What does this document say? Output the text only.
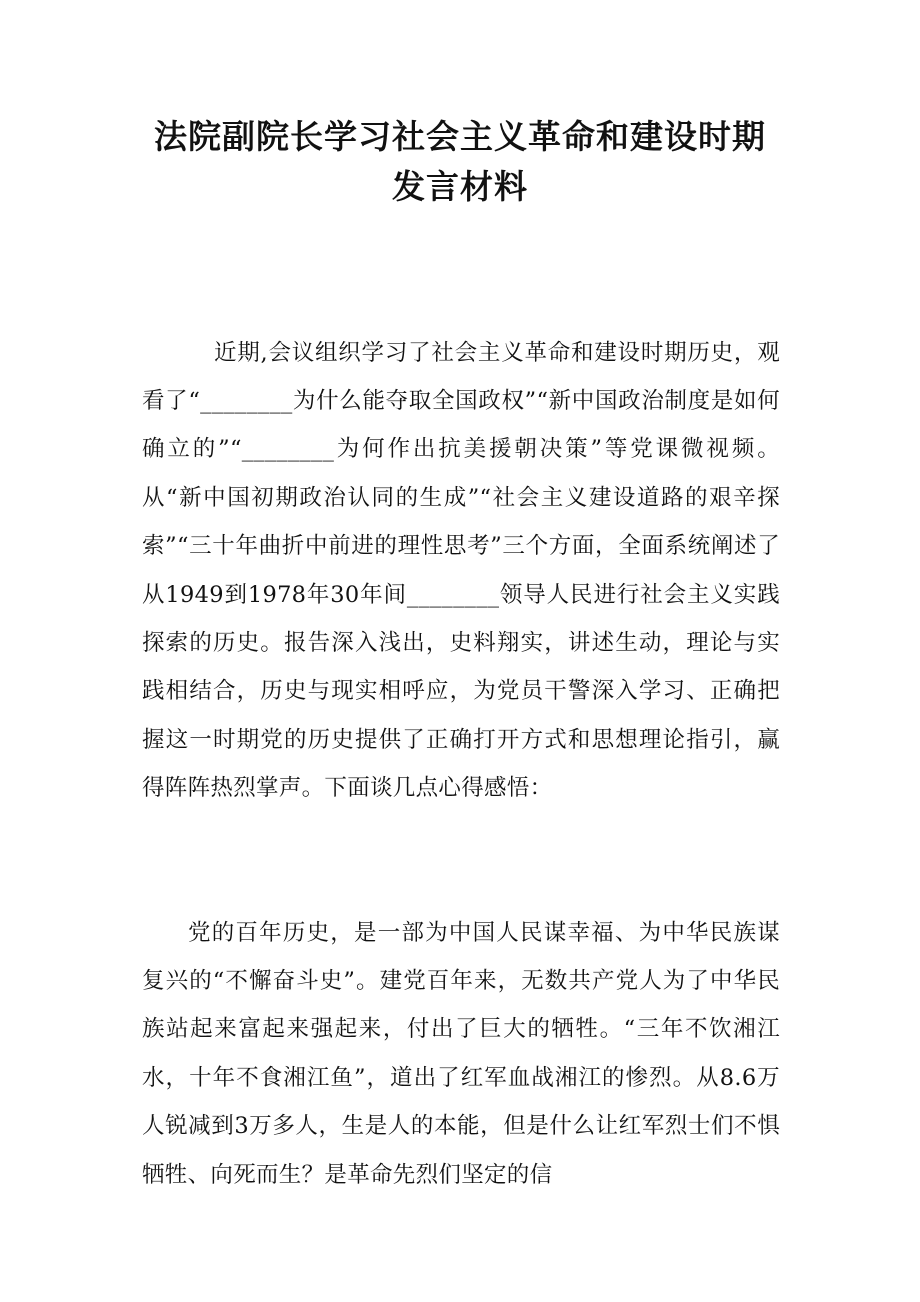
法院副院长学习社会主义革命和建设时期
发言材料

近期,会议组织学习了社会主义革命和建设时期历史，观看了“________为什么能夺取全国政权”“新中国政治制度是如何确立的”“________为何作出抗美援朝决策”等党课微视频。从“新中国初期政治认同的生成”“社会主义建设道路的艰辛探索”“三十年曲折中前进的理性思考”三个方面，全面系统阐述了从1949到1978年30年间________领导人民进行社会主义实践探索的历史。报告深入浅出，史料翔实，讲述生动，理论与实践相结合，历史与现实相呼应，为党员干警深入学习、正确把握这一时期党的历史提供了正确打开方式和思想理论指引，赢得阵阵热烈掌声。下面谈几点心得感悟：

党的百年历史，是一部为中国人民谋幸福、为中华民族谋复兴的“不懈奋斗史”。建党百年来，无数共产党人为了中华民族站起来富起来强起来，付出了巨大的牺牲。“三年不饮湘江水，十年不食湘江鱼”，道出了红军血战湘江的惨烈。从8.6万人锐减到3万多人，生是人的本能，但是什么让红军烈士们不惧牺牲、向死而生？是革命先烈们坚定的信
